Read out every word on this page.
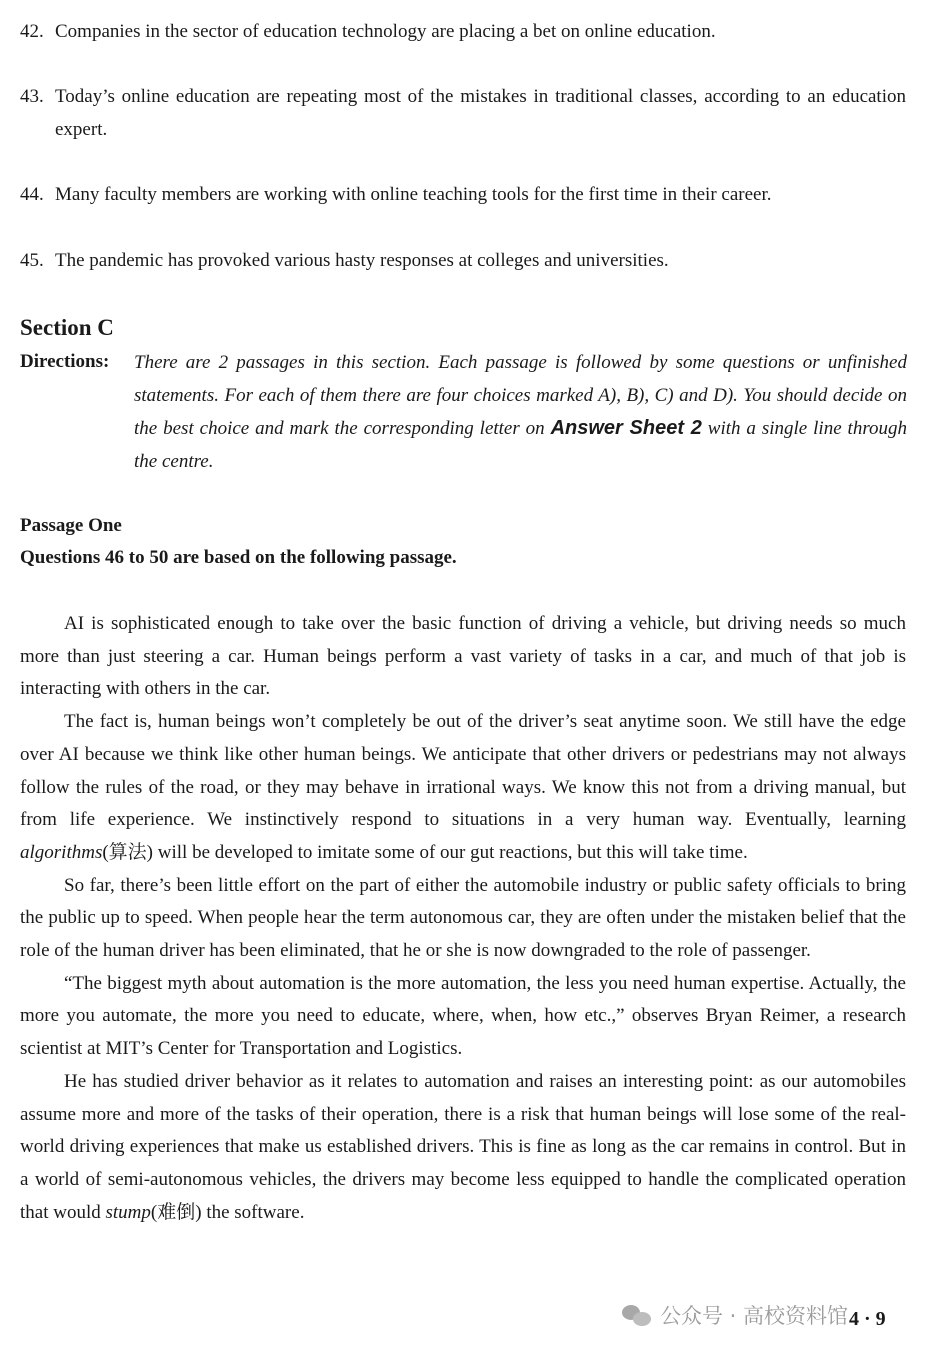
42. Companies in the sector of education technology are placing a bet on online education.
43. Today’s online education are repeating most of the mistakes in traditional classes, according to an education expert.
44. Many faculty members are working with online teaching tools for the first time in their career.
45. The pandemic has provoked various hasty responses at colleges and universities.
Section C
Directions: There are 2 passages in this section. Each passage is followed by some questions or unfinished statements. For each of them there are four choices marked A), B), C) and D). You should decide on the best choice and mark the corresponding letter on Answer Sheet 2 with a single line through the centre.
Passage One
Questions 46 to 50 are based on the following passage.

AI is sophisticated enough to take over the basic function of driving a vehicle, but driving needs so much more than just steering a car. Human beings perform a vast variety of tasks in a car, and much of that job is interacting with others in the car.

The fact is, human beings won’t completely be out of the driver’s seat anytime soon. We still have the edge over AI because we think like other human beings. We anticipate that other drivers or pedestrians may not always follow the rules of the road, or they may behave in irrational ways. We know this not from a driving manual, but from life experience. We instinctively respond to situations in a very human way. Eventually, learning algorithms(算法) will be developed to imitate some of our gut reactions, but this will take time.

So far, there’s been little effort on the part of either the automobile industry or public safety officials to bring the public up to speed. When people hear the term autonomous car, they are often under the mistaken belief that the role of the human driver has been eliminated, that he or she is now downgraded to the role of passenger.

“The biggest myth about automation is the more automation, the less you need human expertise. Actually, the more you automate, the more you need to educate, where, when, how etc.,” observes Bryan Reimer, a research scientist at MIT’s Center for Transportation and Logistics.

He has studied driver behavior as it relates to automation and raises an interesting point: as our automobiles assume more and more of the tasks of their operation, there is a risk that human beings will lose some of the real-world driving experiences that make us established drivers. This is fine as long as the car remains in control. But in a world of semi-autonomous vehicles, the drivers may become less equipped to handle the complicated operation that would stump(难倒) the software.

公众号 · 高校资料馆 4 · 9
